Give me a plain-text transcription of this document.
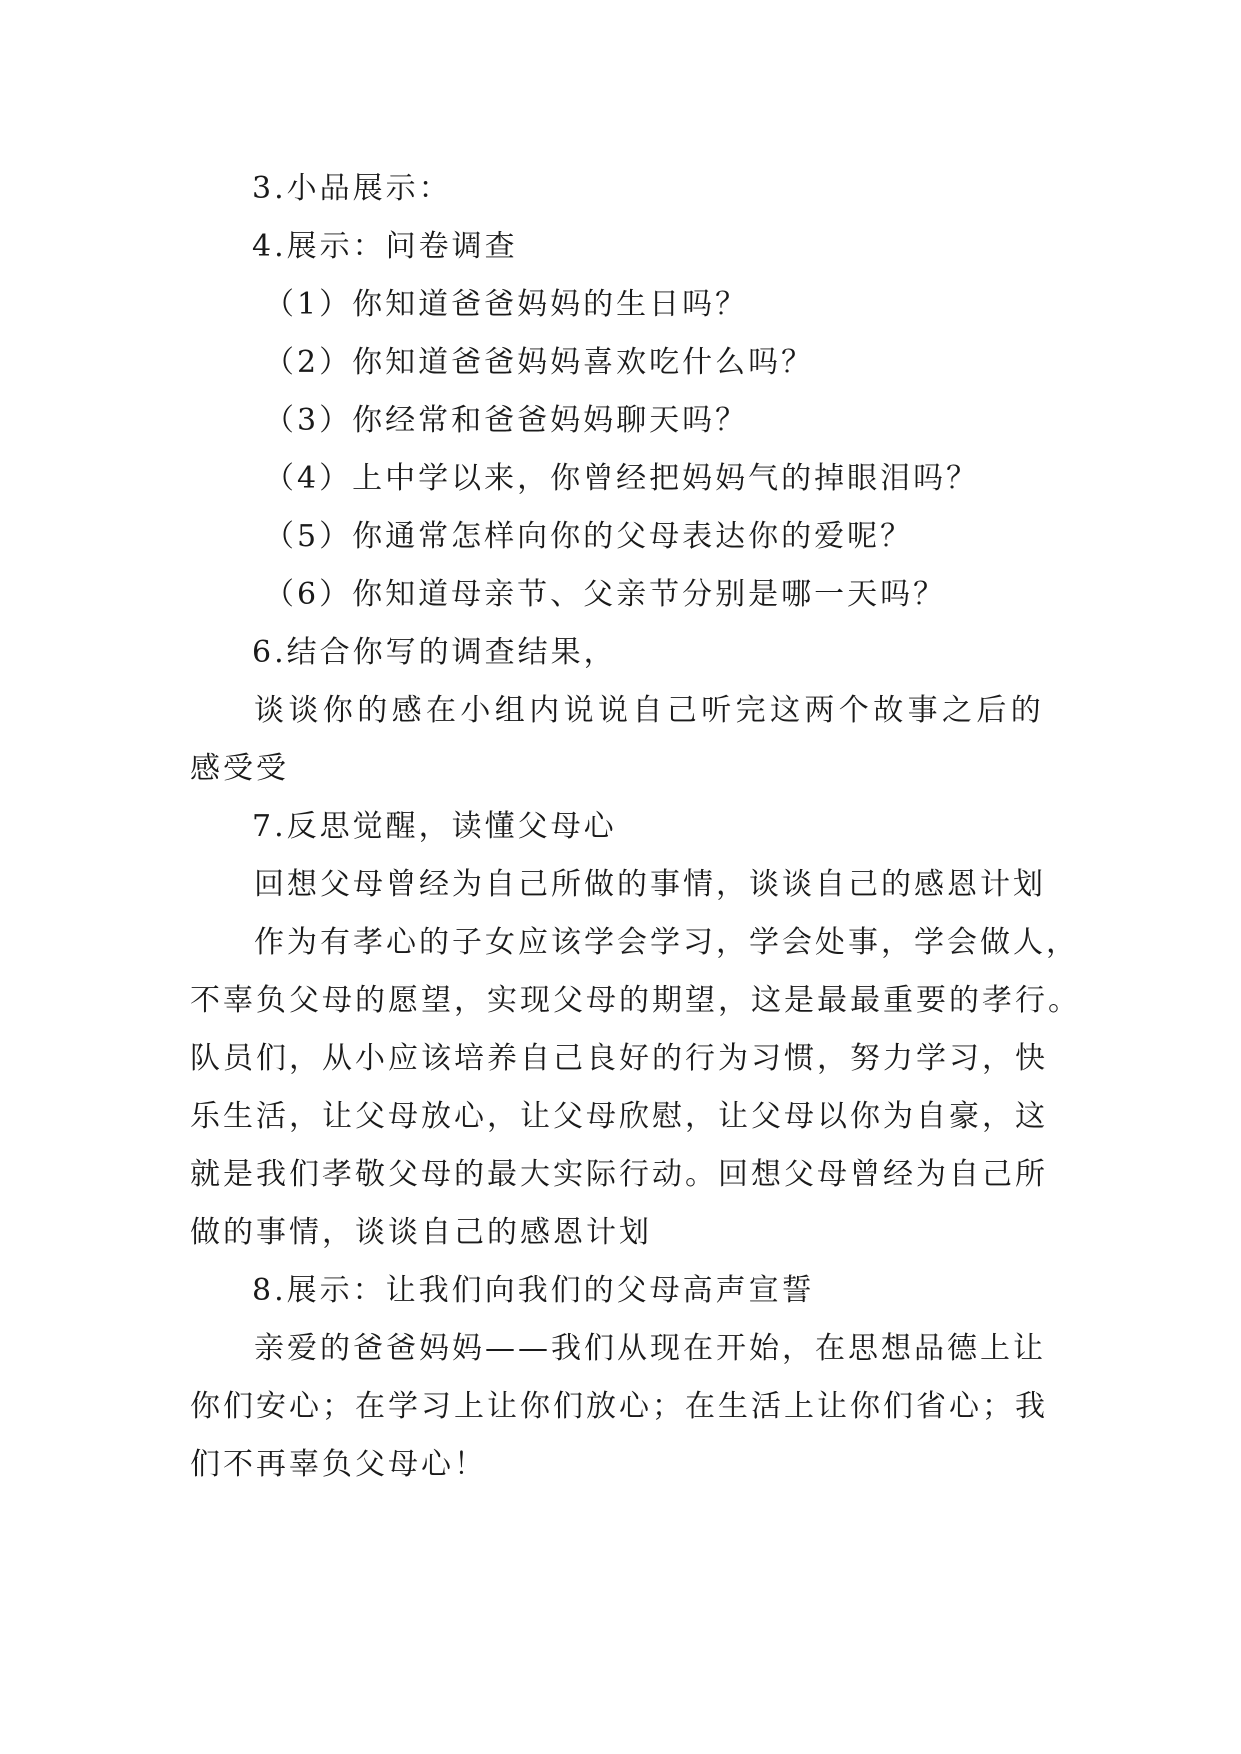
3.小品展示：

4.展示：问卷调查

（1）你知道爸爸妈妈的生日吗？

（2）你知道爸爸妈妈喜欢吃什么吗？

（3）你经常和爸爸妈妈聊天吗？

（4）上中学以来，你曾经把妈妈气的掉眼泪吗？

（5）你通常怎样向你的父母表达你的爱呢？

（6）你知道母亲节、父亲节分别是哪一天吗？

6.结合你写的调查结果，

谈谈你的感在小组内说说自己听完这两个故事之后的

感受受

7.反思觉醒，读懂父母心

回想父母曾经为自己所做的事情，谈谈自己的感恩计划

作为有孝心的子女应该学会学习，学会处事，学会做人，

不辜负父母的愿望，实现父母的期望，这是最最重要的孝行。

队员们，从小应该培养自己良好的行为习惯，努力学习，快

乐生活，让父母放心，让父母欣慰，让父母以你为自豪，这

就是我们孝敬父母的最大实际行动。回想父母曾经为自己所

做的事情，谈谈自己的感恩计划

8.展示：让我们向我们的父母高声宣誓

亲爱的爸爸妈妈——我们从现在开始，在思想品德上让

你们安心；在学习上让你们放心；在生活上让你们省心；我

们不再辜负父母心！
